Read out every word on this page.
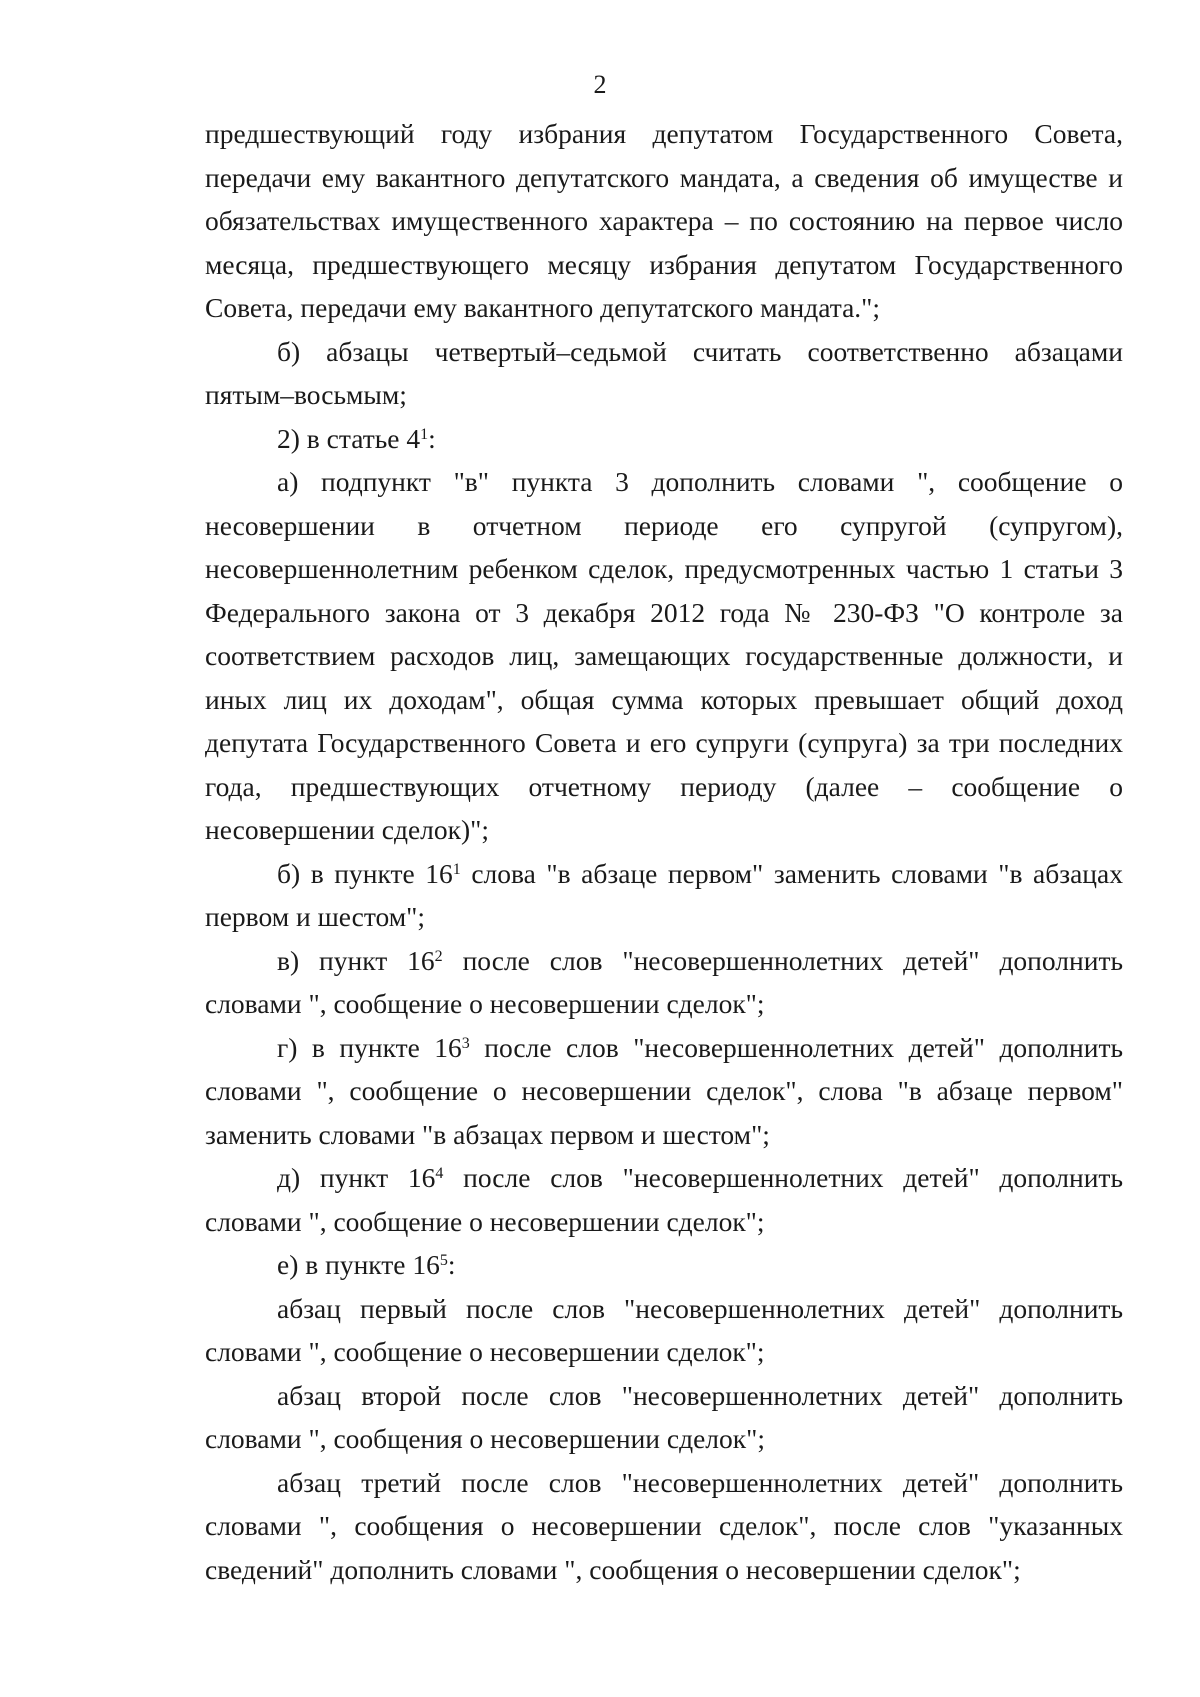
2

предшествующий году избрания депутатом Государственного Совета, передачи ему вакантного депутатского мандата, а сведения об имуществе и обязательствах имущественного характера – по состоянию на первое число месяца, предшествующего месяцу избрания депутатом Государственного Совета, передачи ему вакантного депутатского мандата.";

б) абзацы четвертый–седьмой считать соответственно абзацами пятым–восьмым;

2) в статье $4^1$:

а) подпункт "в" пункта 3 дополнить словами ", сообщение о несовершении в отчетном периоде его супругой (супругом), несовершеннолетним ребенком сделок, предусмотренных частью 1 статьи 3 Федерального закона от 3 декабря 2012 года № 230-ФЗ "О контроле за соответствием расходов лиц, замещающих государственные должности, и иных лиц их доходам", общая сумма которых превышает общий доход депутата Государственного Совета и его супруги (супруга) за три последних года, предшествующих отчетному периоду (далее – сообщение о несовершении сделок)";

б) в пункте $16^1$ слова "в абзаце первом" заменить словами "в абзацах первом и шестом";

в) пункт $16^2$ после слов "несовершеннолетних детей" дополнить словами ", сообщение о несовершении сделок";

г) в пункте $16^3$ после слов "несовершеннолетних детей" дополнить словами ", сообщение о несовершении сделок", слова "в абзаце первом" заменить словами "в абзацах первом и шестом";

д) пункт $16^4$ после слов "несовершеннолетних детей" дополнить словами ", сообщение о несовершении сделок";

е) в пункте $16^5$:

абзац первый после слов "несовершеннолетних детей" дополнить словами ", сообщение о несовершении сделок";

абзац второй после слов "несовершеннолетних детей" дополнить словами ", сообщения о несовершении сделок";

абзац третий после слов "несовершеннолетних детей" дополнить словами ", сообщения о несовершении сделок", после слов "указанных сведений" дополнить словами ", сообщения о несовершении сделок";
